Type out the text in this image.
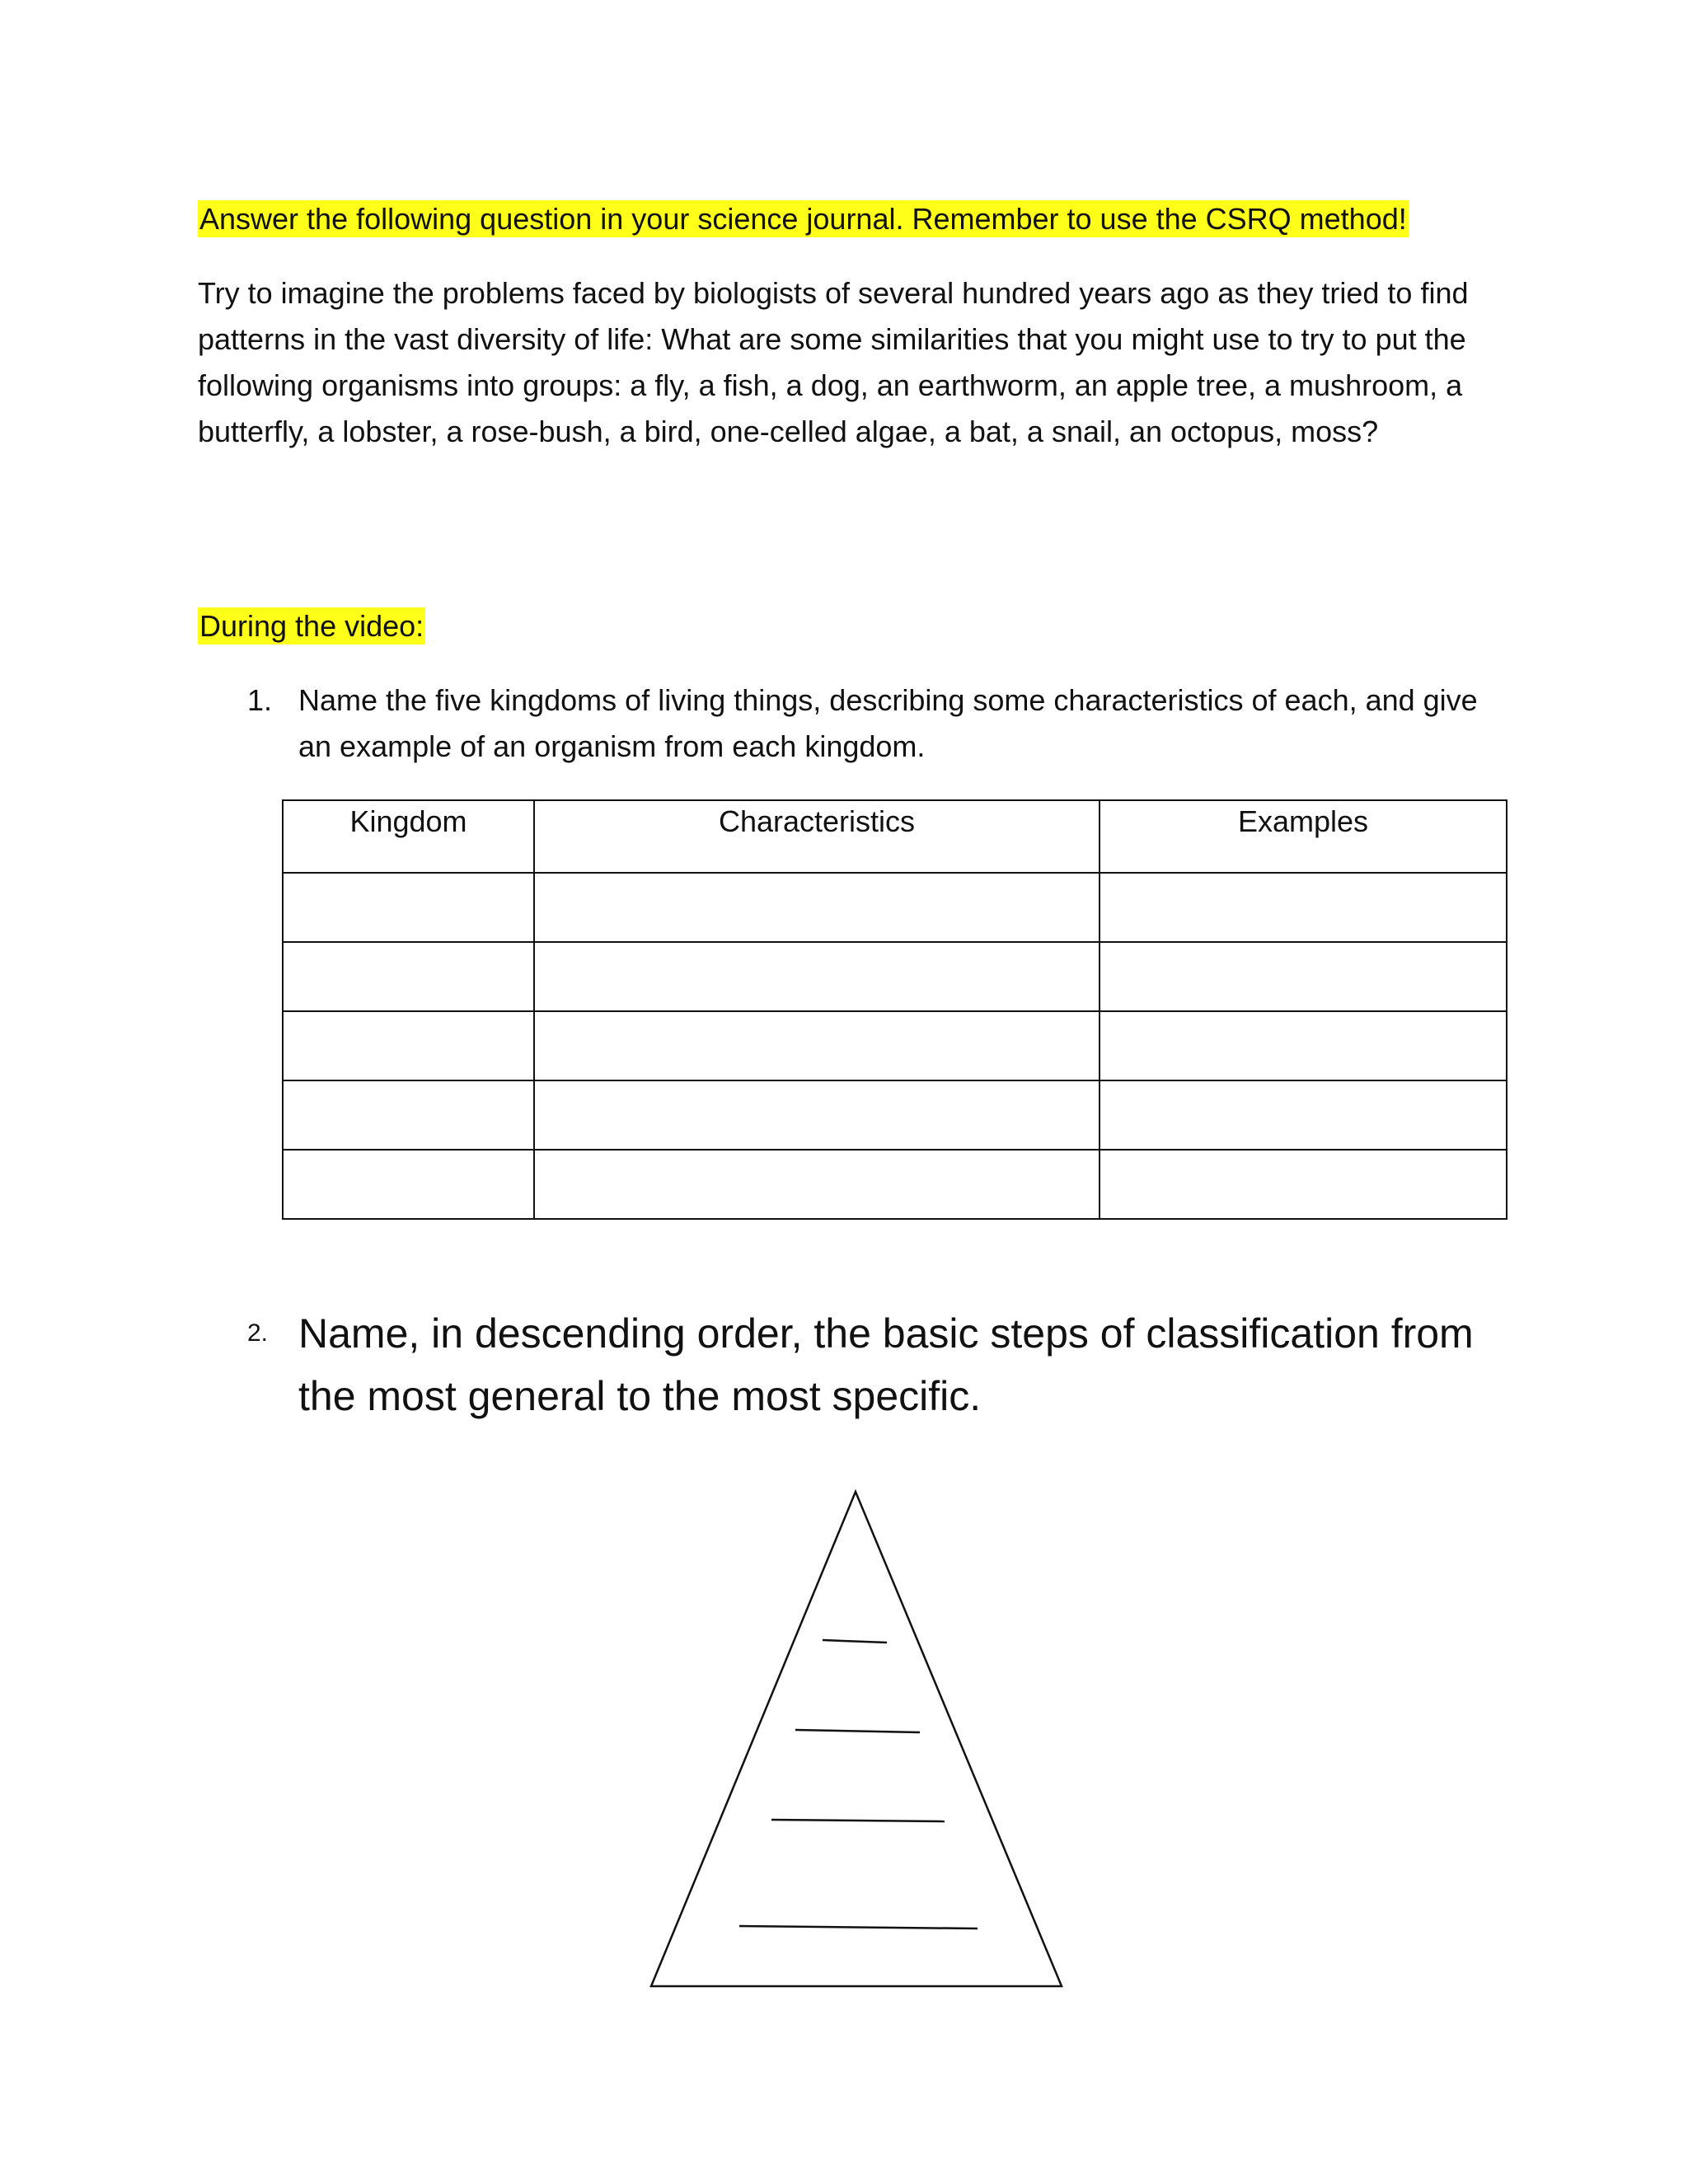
Answer the following question in your science journal. Remember to use the CSRQ method!
Try to imagine the problems faced by biologists of several hundred years ago as they tried to find patterns in the vast diversity of life: What are some similarities that you might use to try to put the following organisms into groups: a fly, a fish, a dog, an earthworm, an apple tree, a mushroom, a butterfly, a lobster, a rose-bush, a bird, one-celled algae, a bat, a snail, an octopus, moss?
During the video:
1. Name the five kingdoms of living things, describing some characteristics of each, and give an example of an organism from each kingdom.
Kingdom	Characteristics	Examples

2. Name, in descending order, the basic steps of classification from the most general to the most specific.
